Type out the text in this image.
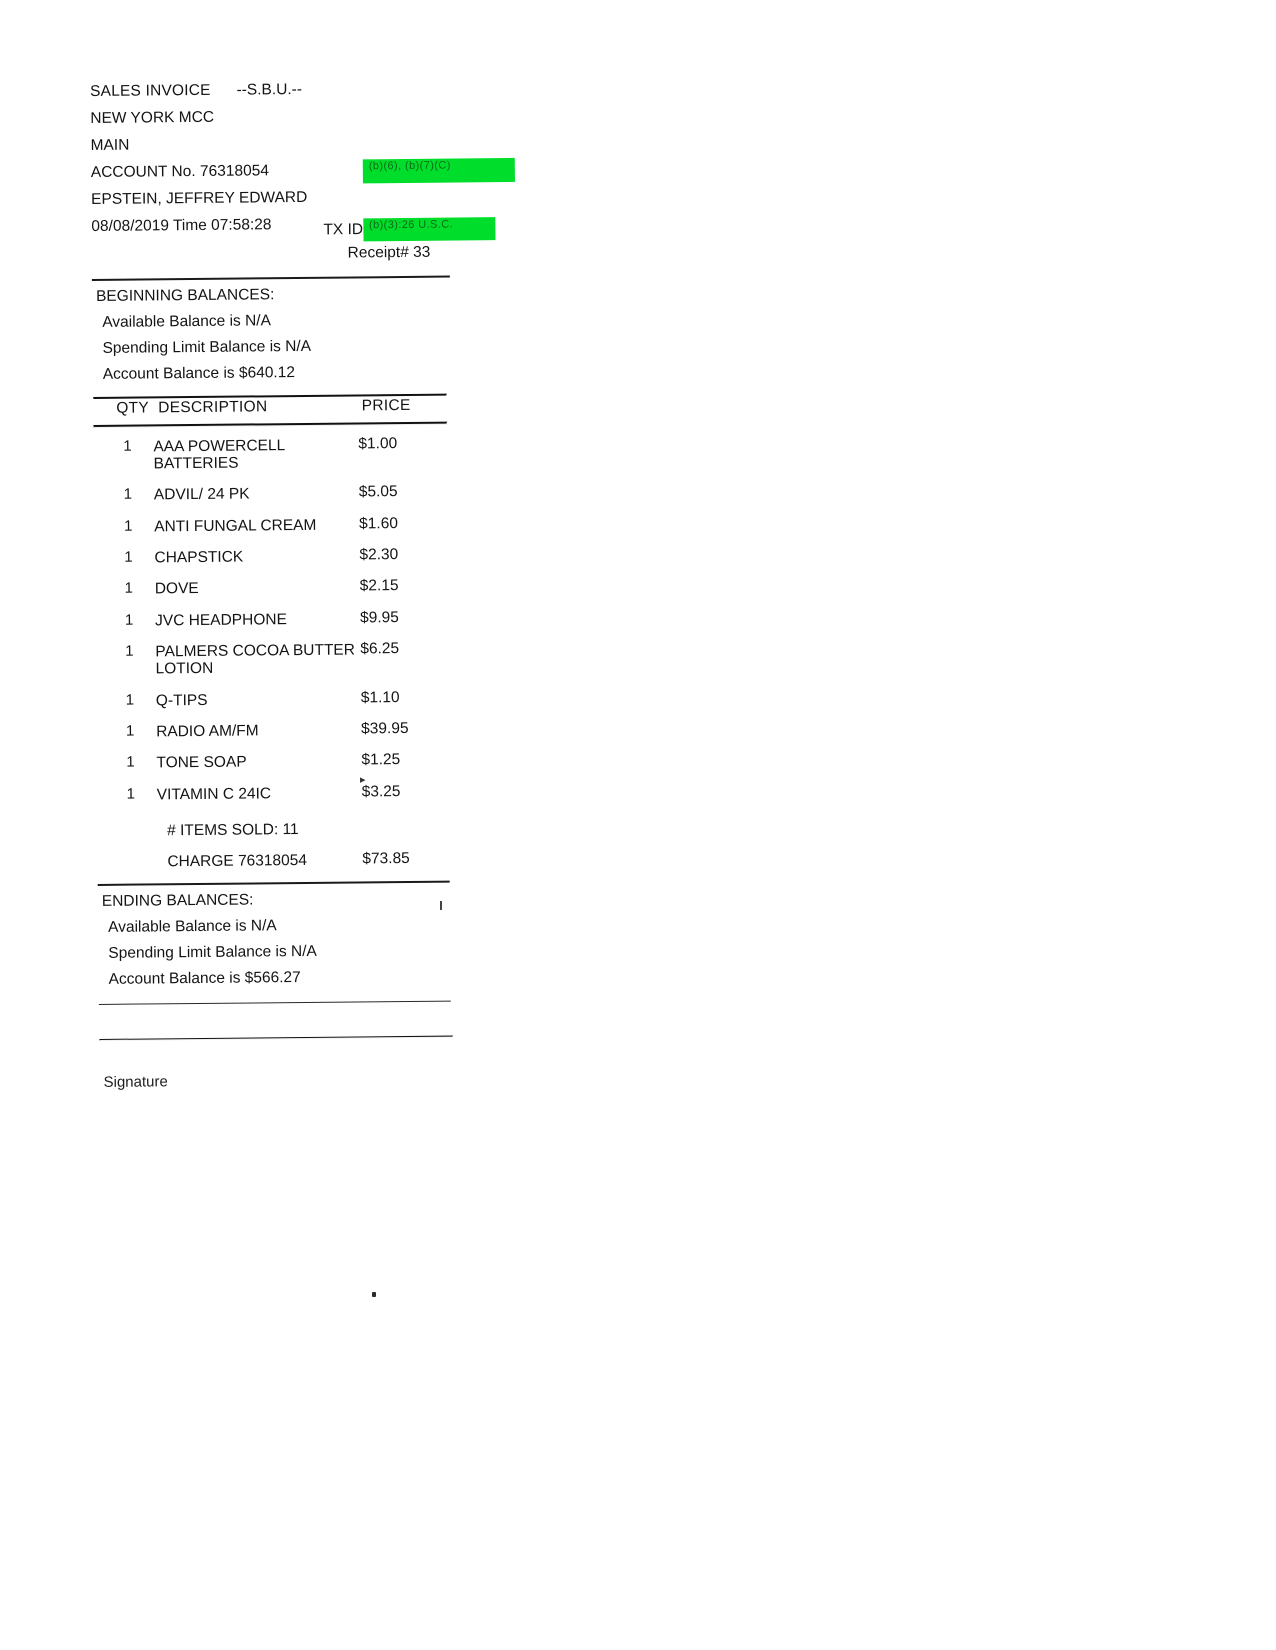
SALES INVOICE --S.B.U.--
NEW YORK MCC
MAIN
ACCOUNT No. 76318054	(b)(6), (b)(7)(C)
EPSTEIN, JEFFREY EDWARD
08/08/2019 Time 07:58:28	TX ID (b)(3):26 U.S.C.
Receipt# 33
BEGINNING BALANCES:
Available Balance is N/A
Spending Limit Balance is N/A
Account Balance is $640.12
QTY	DESCRIPTION	PRICE
1	AAA POWERCELL BATTERIES	$1.00
1	ADVIL/ 24 PK	$5.05
1	ANTI FUNGAL CREAM	$1.60
1	CHAPSTICK	$2.30
1	DOVE	$2.15
1	JVC HEADPHONE	$9.95
1	PALMERS COCOA BUTTER LOTION	$6.25
1	Q-TIPS	$1.10
1	RADIO AM/FM	$39.95
1	TONE SOAP	$1.25
1	VITAMIN C 24IC	$3.25
	# ITEMS SOLD: 11	
	CHARGE 76318054	$73.85
ENDING BALANCES:
Available Balance is N/A
Spending Limit Balance is N/A
Account Balance is $566.27
Signature
▸
